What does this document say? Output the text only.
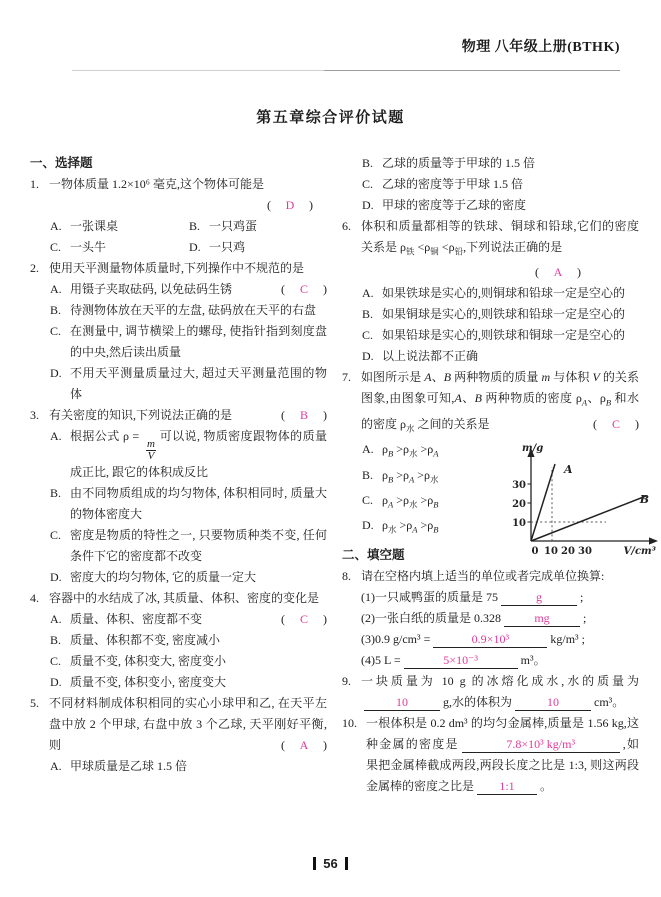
物理 八年级上册(BTHK)
第五章综合评价试题
一、选择题
1. 一物体质量 1.2×10⁶ 毫克,这个物体可能是
( D )
A. 一张课桌	B. 一只鸡蛋
C. 一头牛	D. 一只鸡
2. 使用天平测量物体质量时,下列操作中不规范的是
( C )
A. 用镊子夹取砝码, 以免砝码生锈
B. 待测物体放在天平的左盘, 砝码放在天平的右盘
C. 在测量中, 调节横梁上的螺母, 使指针指到刻度盘的中央,然后读出质量
D. 不用天平测量质量过大, 超过天平测量范围的物体
3. 有关密度的知识,下列说法正确的是	( B )
A. 根据公式 ρ =
$\frac{m}{V}$
可以说, 物质密度跟物体的质量成正比, 跟它的体积成反比
B. 由不同物质组成的均匀物体, 体积相同时, 质量大的物体密度大
C. 密度是物质的特性之一, 只要物质种类不变, 任何条件下它的密度都不改变
D. 密度大的均匀物体, 它的质量一定大
4. 容器中的水结成了冰, 其质量、体积、密度的变化是
( C )
A. 质量、体积、密度都不变
B. 质量、体积都不变, 密度减小
C. 质量不变, 体积变大, 密度变小
D. 质量不变, 体积变小, 密度变大
5. 不同材料制成体积相同的实心小球甲和乙, 在天平左盘中放 2 个甲球, 右盘中放 3 个乙球, 天平刚好平衡,则	( A )
A. 甲球质量是乙球 1.5 倍
B. 乙球的质量等于甲球的 1.5 倍
C. 乙球的密度等于甲球 1.5 倍
D. 甲球的密度等于乙球的密度
6. 体积和质量都相等的铁球、铜球和铅球,它们的密度关系是 $\rho_铁 <\rho_铜 <\rho_铅$,下列说法正确的是
( A )
A. 如果铁球是实心的,则铜球和铅球一定是空心的
B. 如果铜球是实心的,则铁球和铅球一定是空心的
C. 如果铅球是实心的,则铁球和铜球一定是空心的
D. 以上说法都不正确
7. 如图所示是 A、B 两种物质的质量 m 与体积 V 的关系图象,由图象可知,A、B 两种物质的密度 $\rho_A$、$\rho_B$ 和水的密度 $\rho_水$ 之间的关系是	( C )
A. $\rho_B >\rho_水 >\rho_A$
B. $\rho_B >\rho_A >\rho_水$
C. $\rho_A >\rho_水 >\rho_B$
D. $\rho_水 >\rho_A >\rho_B$
二、填空题
10
20
30
0 10 20 30
A
B
m/g
V/cm³
8. 请在空格内填上适当的单位或者完成单位换算:
(1)一只咸鸭蛋的质量是 75	g	;
(2)一张白纸的质量是 0.328	mg	;
(3)0.9 g/cm³ =	0.9×10³	kg/m³ ;
(4)5 L =	5×10⁻³	m³。
9. 一块质量为 10 g 的冰熔化成水,水的质量为10	g,水的体积为	10	cm³。
10. 一根体积是 0.2 dm³ 的均匀金属棒,质量是 1.56 kg,这种金属的密度是	7.8×10³ kg/m³	,如果把金属棒截成两段,两段长度之比是 1:3, 则这两段金属棒的密度之比是 1:1 。
56
